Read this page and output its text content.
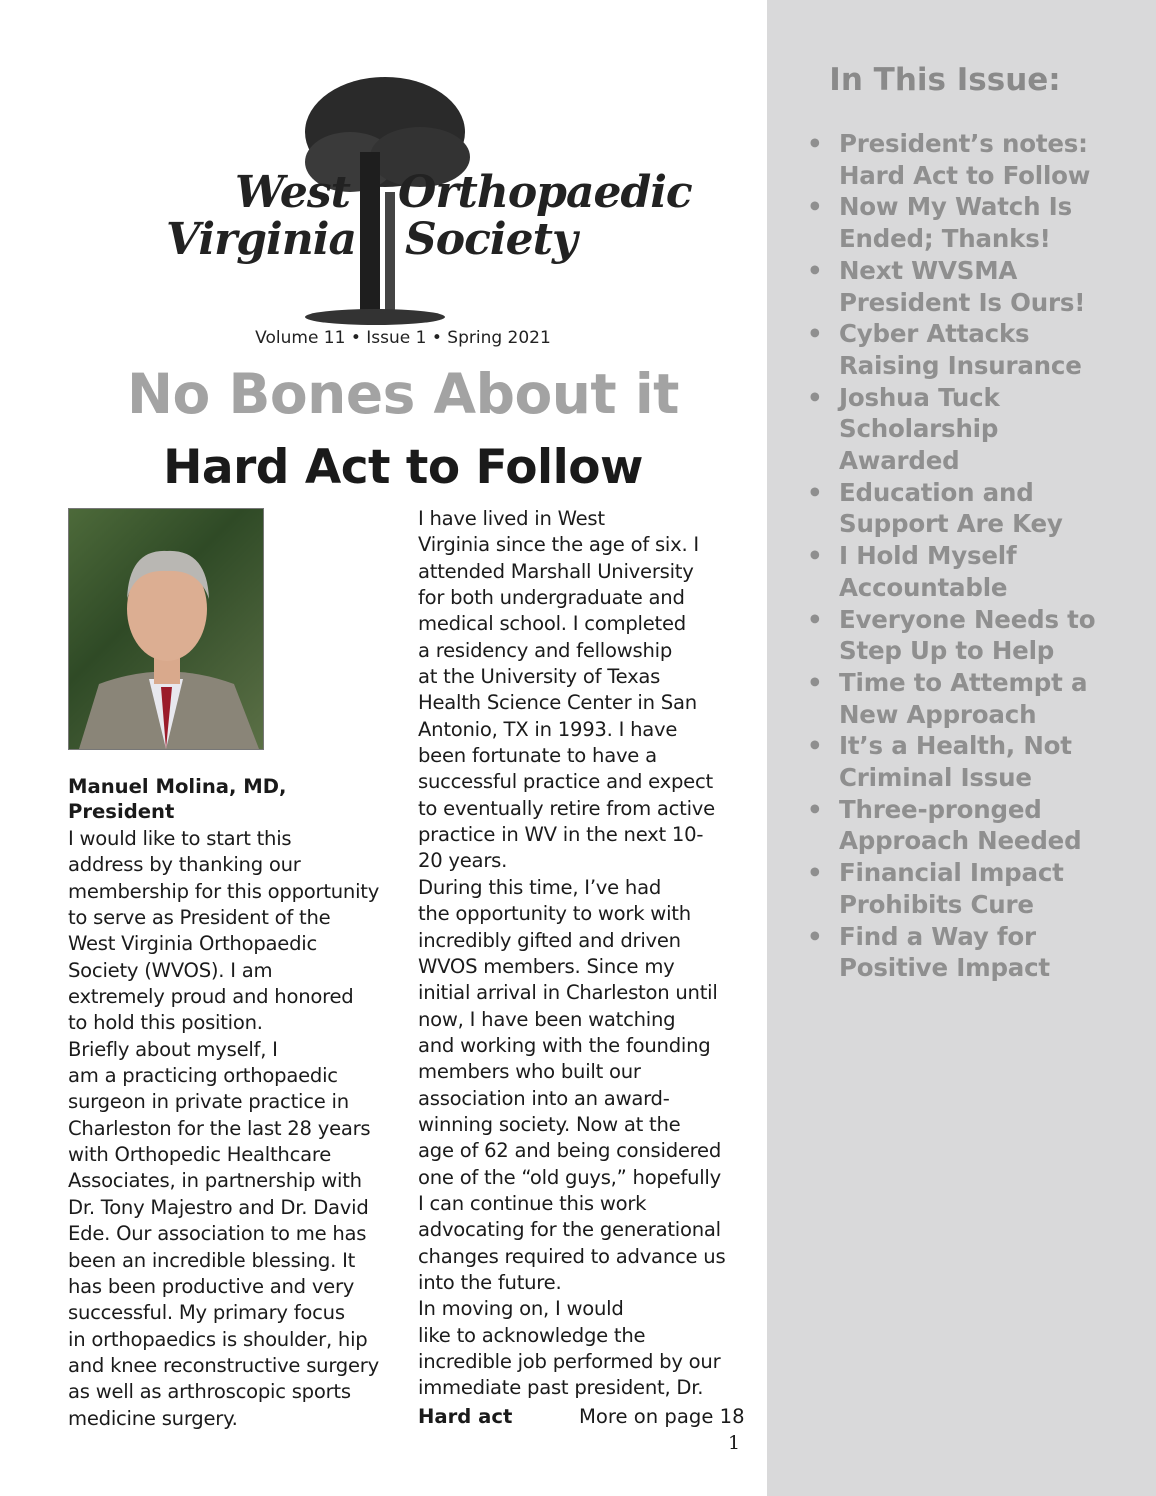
West Orthopaedic
Virginia Society
Volume 11 • Issue 1 • Spring 2021
No Bones About it
Hard Act to Follow
Manuel Molina, MD,
President
I would like to start this
address by thanking our
membership for this opportunity
to serve as President of the
West Virginia Orthopaedic
Society (WVOS). I am
extremely proud and honored
to hold this position.
Briefly about myself, I
am a practicing orthopaedic
surgeon in private practice in
Charleston for the last 28 years
with Orthopedic Healthcare
Associates, in partnership with
Dr. Tony Majestro and Dr. David
Ede. Our association to me has
been an incredible blessing. It
has been productive and very
successful. My primary focus
in orthopaedics is shoulder, hip
and knee reconstructive surgery
as well as arthroscopic sports
medicine surgery.
I have lived in West
Virginia since the age of six. I
attended Marshall University
for both undergraduate and
medical school. I completed
a residency and fellowship
at the University of Texas
Health Science Center in San
Antonio, TX in 1993. I have
been fortunate to have a
successful practice and expect
to eventually retire from active
practice in WV in the next 10-
20 years.
During this time, I’ve had
the opportunity to work with
incredibly gifted and driven
WVOS members. Since my
initial arrival in Charleston until
now, I have been watching
and working with the founding
members who built our
association into an award-
winning society. Now at the
age of 62 and being considered
one of the “old guys,” hopefully
I can continue this work
advocating for the generational
changes required to advance us
into the future.
In moving on, I would
like to acknowledge the
incredible job performed by our
immediate past president, Dr.
Hard act	More on page 18
1
In This Issue:
• President’s notes:
Hard Act to Follow
• Now My Watch Is
Ended; Thanks!
• Next WVSMA
President Is Ours!
• Cyber Attacks
Raising Insurance
• Joshua Tuck
Scholarship
Awarded
• Education and
Support Are Key
• I Hold Myself
Accountable
• Everyone Needs to
Step Up to Help
• Time to Attempt a
New Approach
• It’s a Health, Not
Criminal Issue
• Three-pronged
Approach Needed
• Financial Impact
Prohibits Cure
• Find a Way for
Positive Impact
